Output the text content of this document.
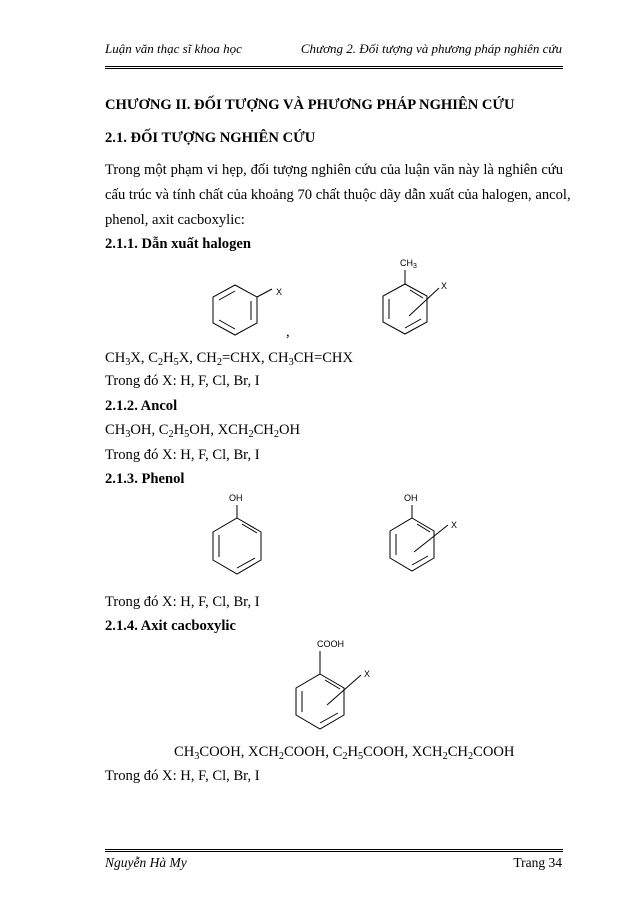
Luận văn thạc sĩ khoa học	Chương 2. Đối tượng và phương pháp nghiên cứu
CHƯƠNG II. ĐỐI TƯỢNG VÀ PHƯƠNG PHÁP NGHIÊN CỨU
2.1. ĐỐI TƯỢNG NGHIÊN CỨU
Trong một phạm vi hẹp, đối tượng nghiên cứu của luận văn này là nghiên cứu
cấu trúc và tính chất của khoảng 70 chất thuộc dãy dẫn xuất của halogen, ancol,
phenol, axit cacboxylic:
2.1.1. Dẫn xuất halogen
X
,
$CH_3$
X
$CH_3X$, $C_2H_5X$, $CH_2=CHX$, $CH_3CH=CHX$
Trong đó X: H, F, Cl, Br, I
2.1.2. Ancol
$CH_3OH$, $C_2H_5OH$, $XCH_2CH_2OH$
Trong đó X: H, F, Cl, Br, I
2.1.3. Phenol
OH	OH
X
Trong đó X: H, F, Cl, Br, I
2.1.4. Axit cacboxylic
COOH
X
$CH_3COOH$, $XCH_2COOH$, $C_2H_5COOH$, $XCH_2CH_2COOH$
Trong đó X: H, F, Cl, Br, I
Nguyễn Hà My	Trang 34
